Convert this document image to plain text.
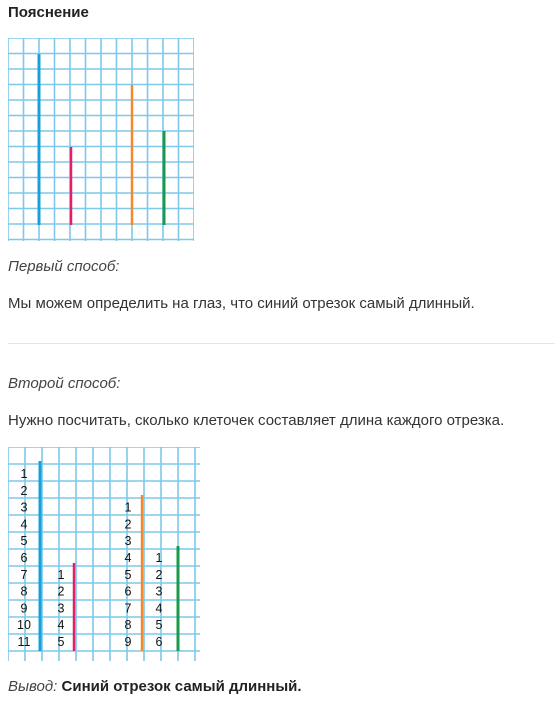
Пояснение
Первый способ:
Мы можем определить на глаз, что синий отрезок самый длинный.
Второй способ:
Нужно посчитать, сколько клеточек составляет длина каждого отрезка.
1
2
3
4
5
6
7
8
9
10
11
1
2
3
4
5
1
2
3
4
5
6
7
8
9
1
2
3
4
5
6
Вывод: Синий отрезок самый длинный.
